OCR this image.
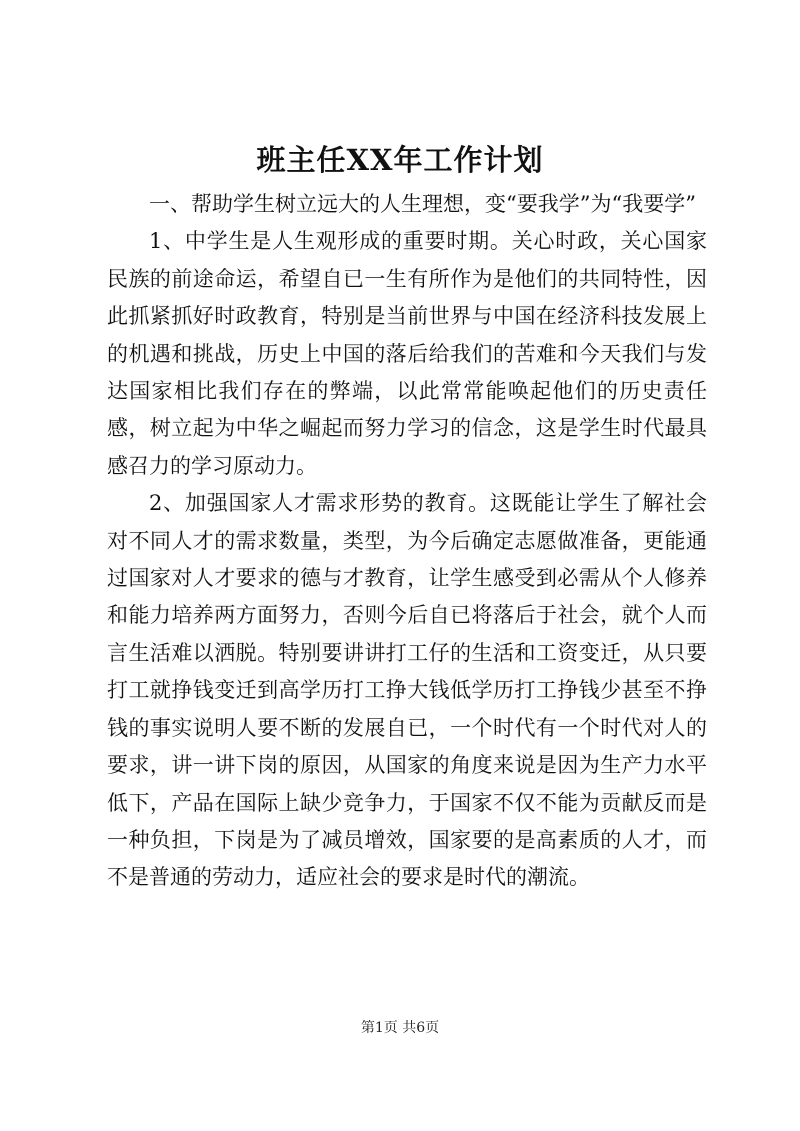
班主任XX年工作计划

一、帮助学生树立远大的人生理想，变“要我学”为“我要学”

1、中学生是人生观形成的重要时期。关心时政，关心国家民族的前途命运，希望自已一生有所作为是他们的共同特性，因此抓紧抓好时政教育，特别是当前世界与中国在经济科技发展上的机遇和挑战，历史上中国的落后给我们的苦难和今天我们与发达国家相比我们存在的弊端，以此常常能唤起他们的历史责任感，树立起为中华之崛起而努力学习的信念，这是学生时代最具感召力的学习原动力。

2、加强国家人才需求形势的教育。这既能让学生了解社会对不同人才的需求数量，类型，为今后确定志愿做准备，更能通过国家对人才要求的德与才教育，让学生感受到必需从个人修养和能力培养两方面努力，否则今后自已将落后于社会，就个人而言生活难以洒脱。特别要讲讲打工仔的生活和工资变迁，从只要打工就挣钱变迁到高学历打工挣大钱低学历打工挣钱少甚至不挣钱的事实说明人要不断的发展自已，一个时代有一个时代对人的要求，讲一讲下岗的原因，从国家的角度来说是因为生产力水平低下，产品在国际上缺少竞争力，于国家不仅不能为贡献反而是一种负担，下岗是为了减员增效，国家要的是高素质的人才，而不是普通的劳动力，适应社会的要求是时代的潮流。

第1页 共6页
